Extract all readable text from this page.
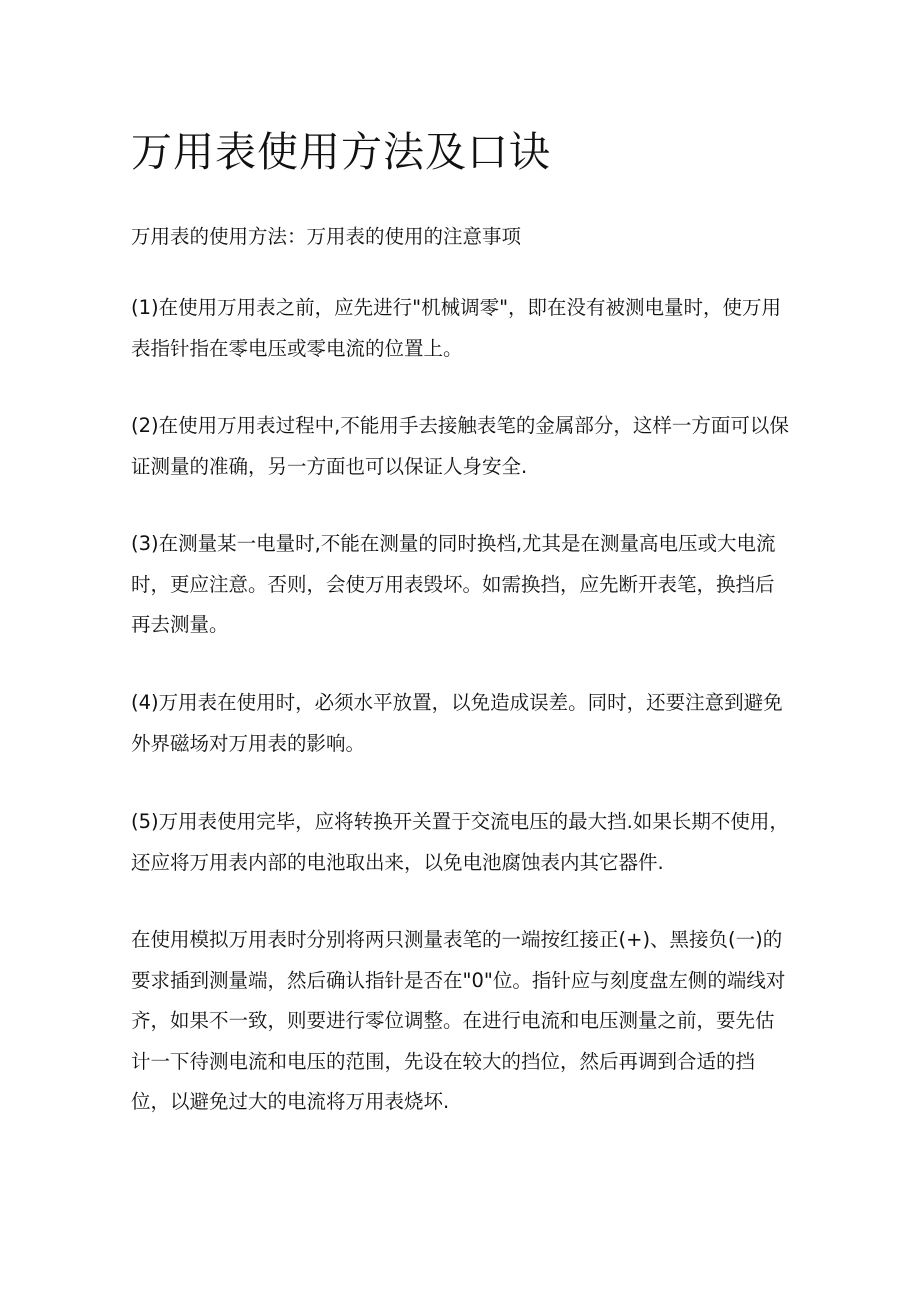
万用表使用方法及口诀

万用表的使用方法：万用表的使用的注意事项

(1)在使用万用表之前，应先进行"机械调零"，即在没有被测电量时，使万用表指针指在零电压或零电流的位置上。

(2)在使用万用表过程中,不能用手去接触表笔的金属部分，这样一方面可以保证测量的准确，另一方面也可以保证人身安全.

(3)在测量某一电量时,不能在测量的同时换档,尤其是在测量高电压或大电流时，更应注意。否则，会使万用表毁坏。如需换挡，应先断开表笔，换挡后再去测量。

(4)万用表在使用时，必须水平放置，以免造成误差。同时，还要注意到避免外界磁场对万用表的影响。

(5)万用表使用完毕，应将转换开关置于交流电压的最大挡.如果长期不使用，还应将万用表内部的电池取出来，以免电池腐蚀表内其它器件.

在使用模拟万用表时分别将两只测量表笔的一端按红接正(+)、黑接负(一)的要求插到测量端，然后确认指针是否在"0"位。指针应与刻度盘左侧的端线对齐，如果不一致，则要进行零位调整。在进行电流和电压测量之前，要先估计一下待测电流和电压的范围，先设在较大的挡位，然后再调到合适的挡位，以避免过大的电流将万用表烧坏.
